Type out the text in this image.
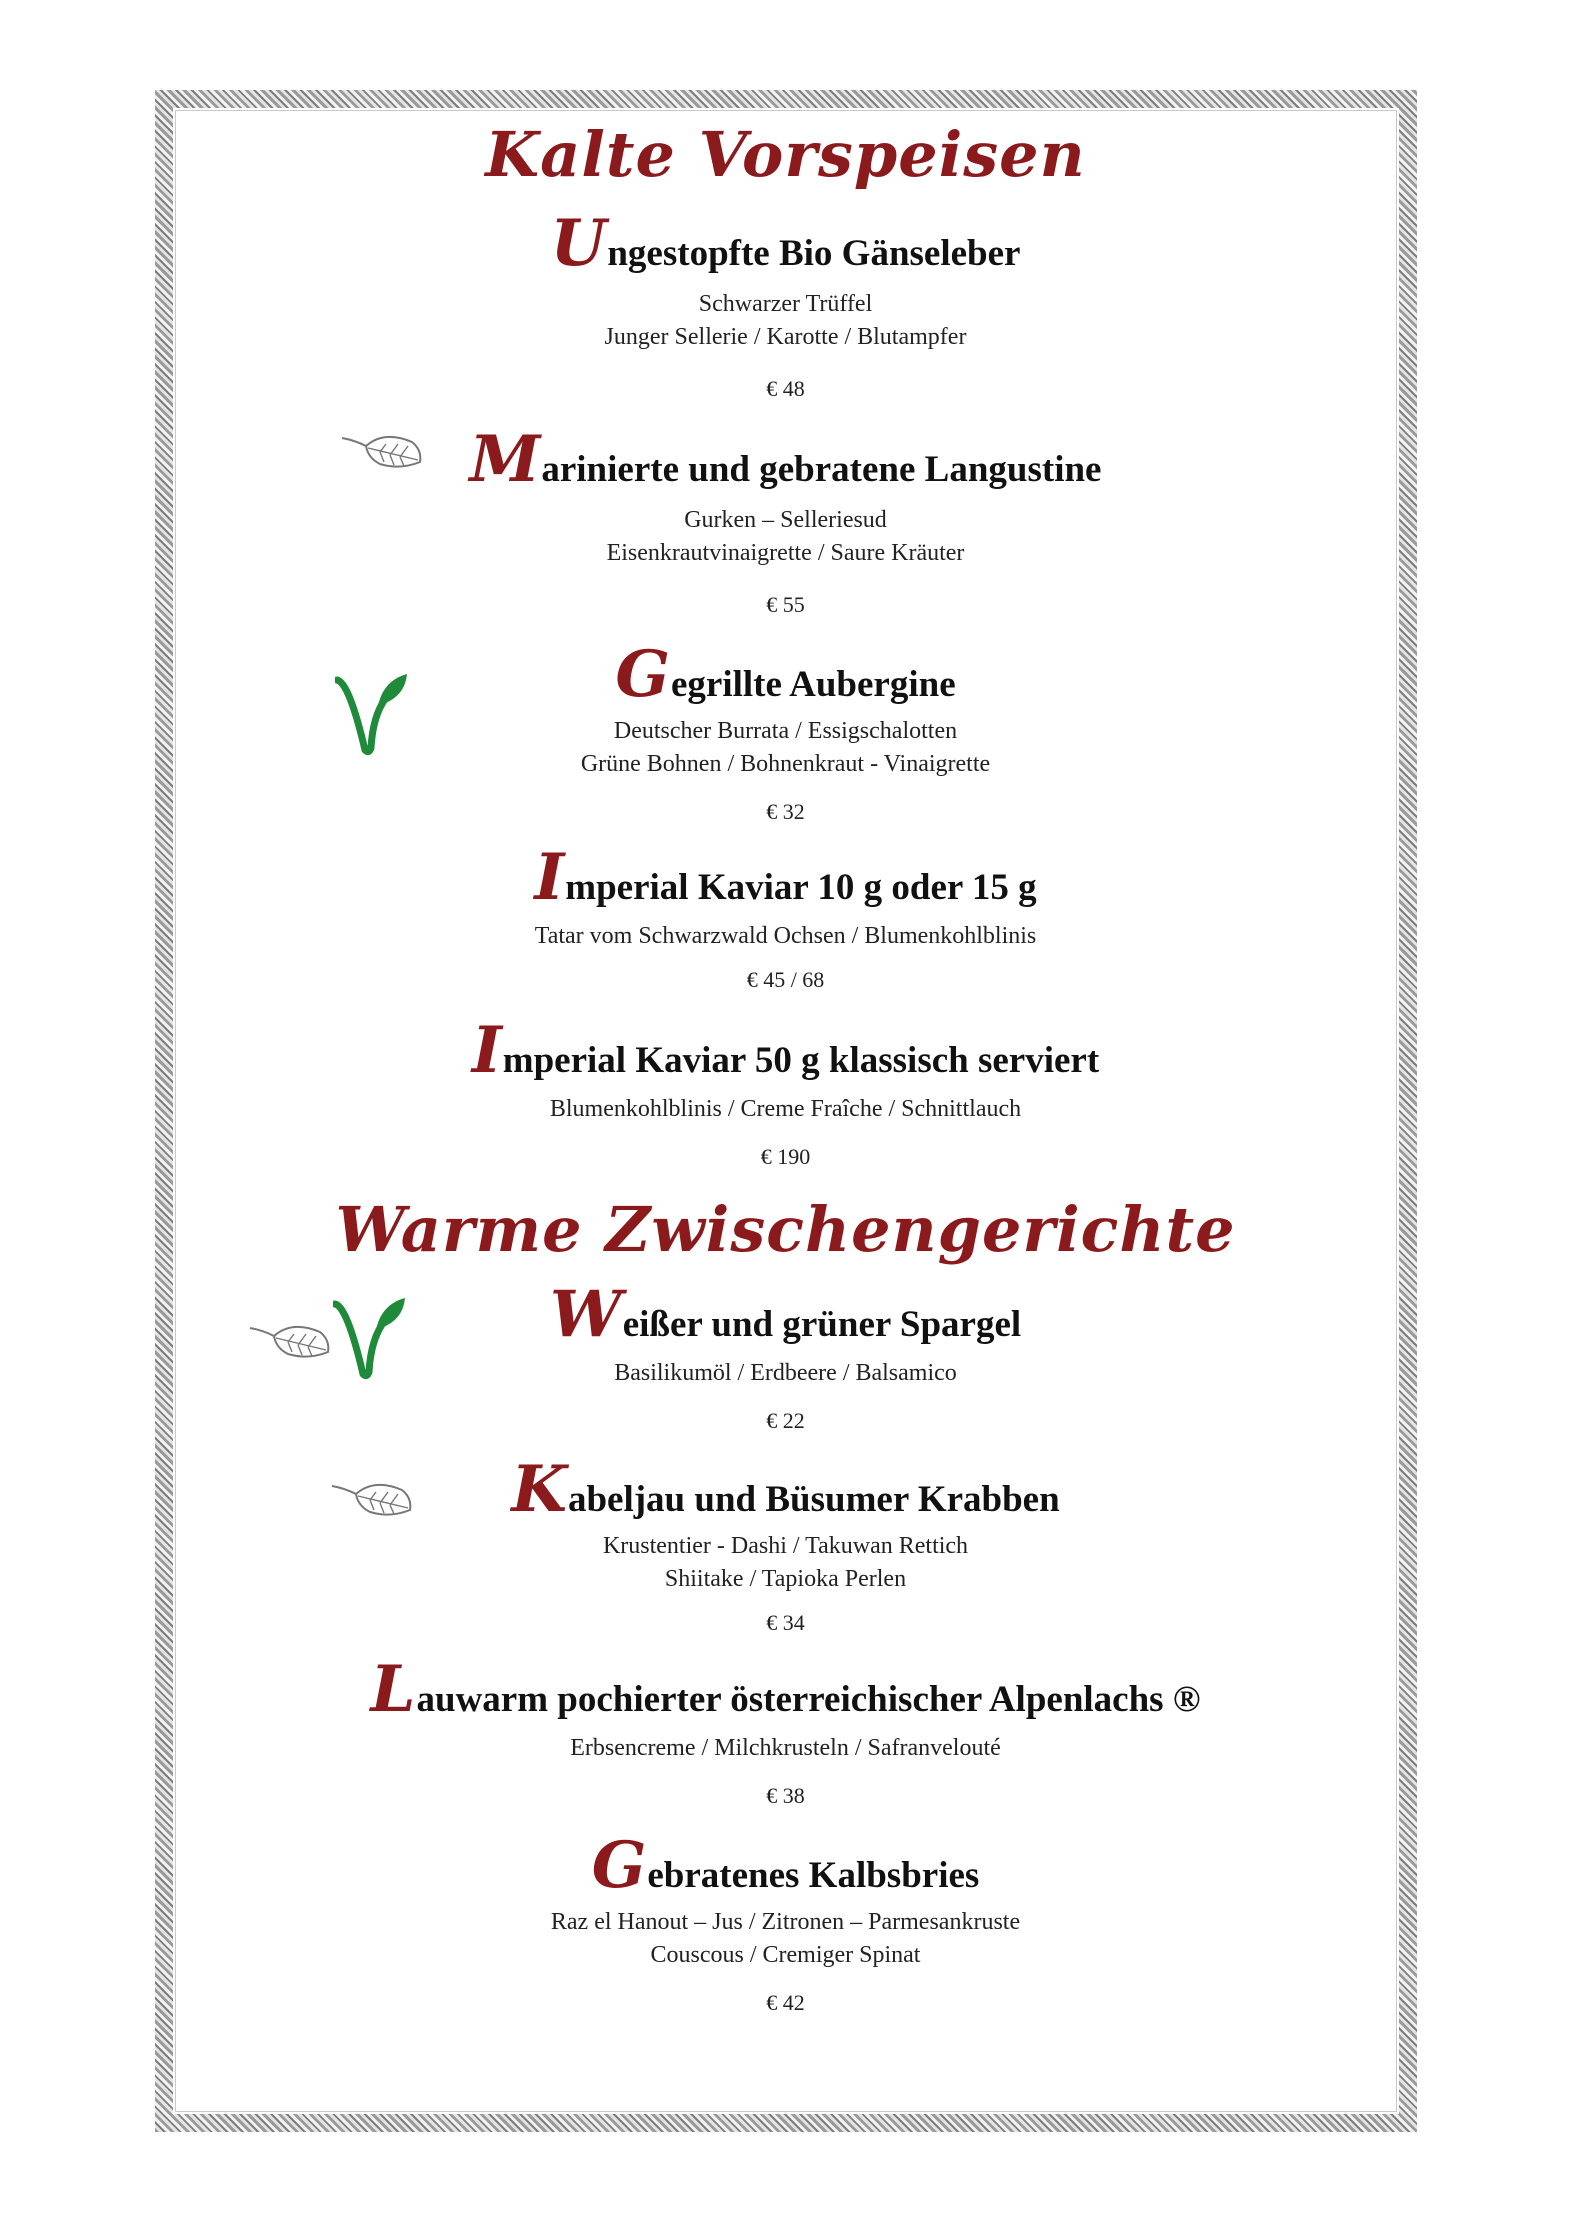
Kalte Vorspeisen

Ungestopfte Bio Gänseleber

Schwarzer Trüffel

Junger Sellerie / Karotte / Blutampfer

€ 48

Marinierte und gebratene Langustine

Gurken – Selleriesud

Eisenkrautvinaigrette / Saure Kräuter

€ 55

Gegrillte Aubergine

Deutscher Burrata / Essigschalotten

Grüne Bohnen / Bohnenkraut - Vinaigrette

€ 32

Imperial Kaviar 10 g oder 15 g

Tatar vom Schwarzwald Ochsen / Blumenkohlblinis

€ 45 / 68

Imperial Kaviar 50 g klassisch serviert

Blumenkohlblinis / Creme Fraîche / Schnittlauch

€ 190

Warme Zwischengerichte

Weißer und grüner Spargel

Basilikumöl / Erdbeere / Balsamico

€ 22

Kabeljau und Büsumer Krabben

Krustentier - Dashi / Takuwan Rettich

Shiitake / Tapioka Perlen

€ 34

Lauwarm pochierter österreichischer Alpenlachs ®

Erbsencreme / Milchkrusteln / Safranvelouté

€ 38

Gebratenes Kalbsbries

Raz el Hanout – Jus / Zitronen – Parmesankruste

Couscous / Cremiger Spinat

€ 42
